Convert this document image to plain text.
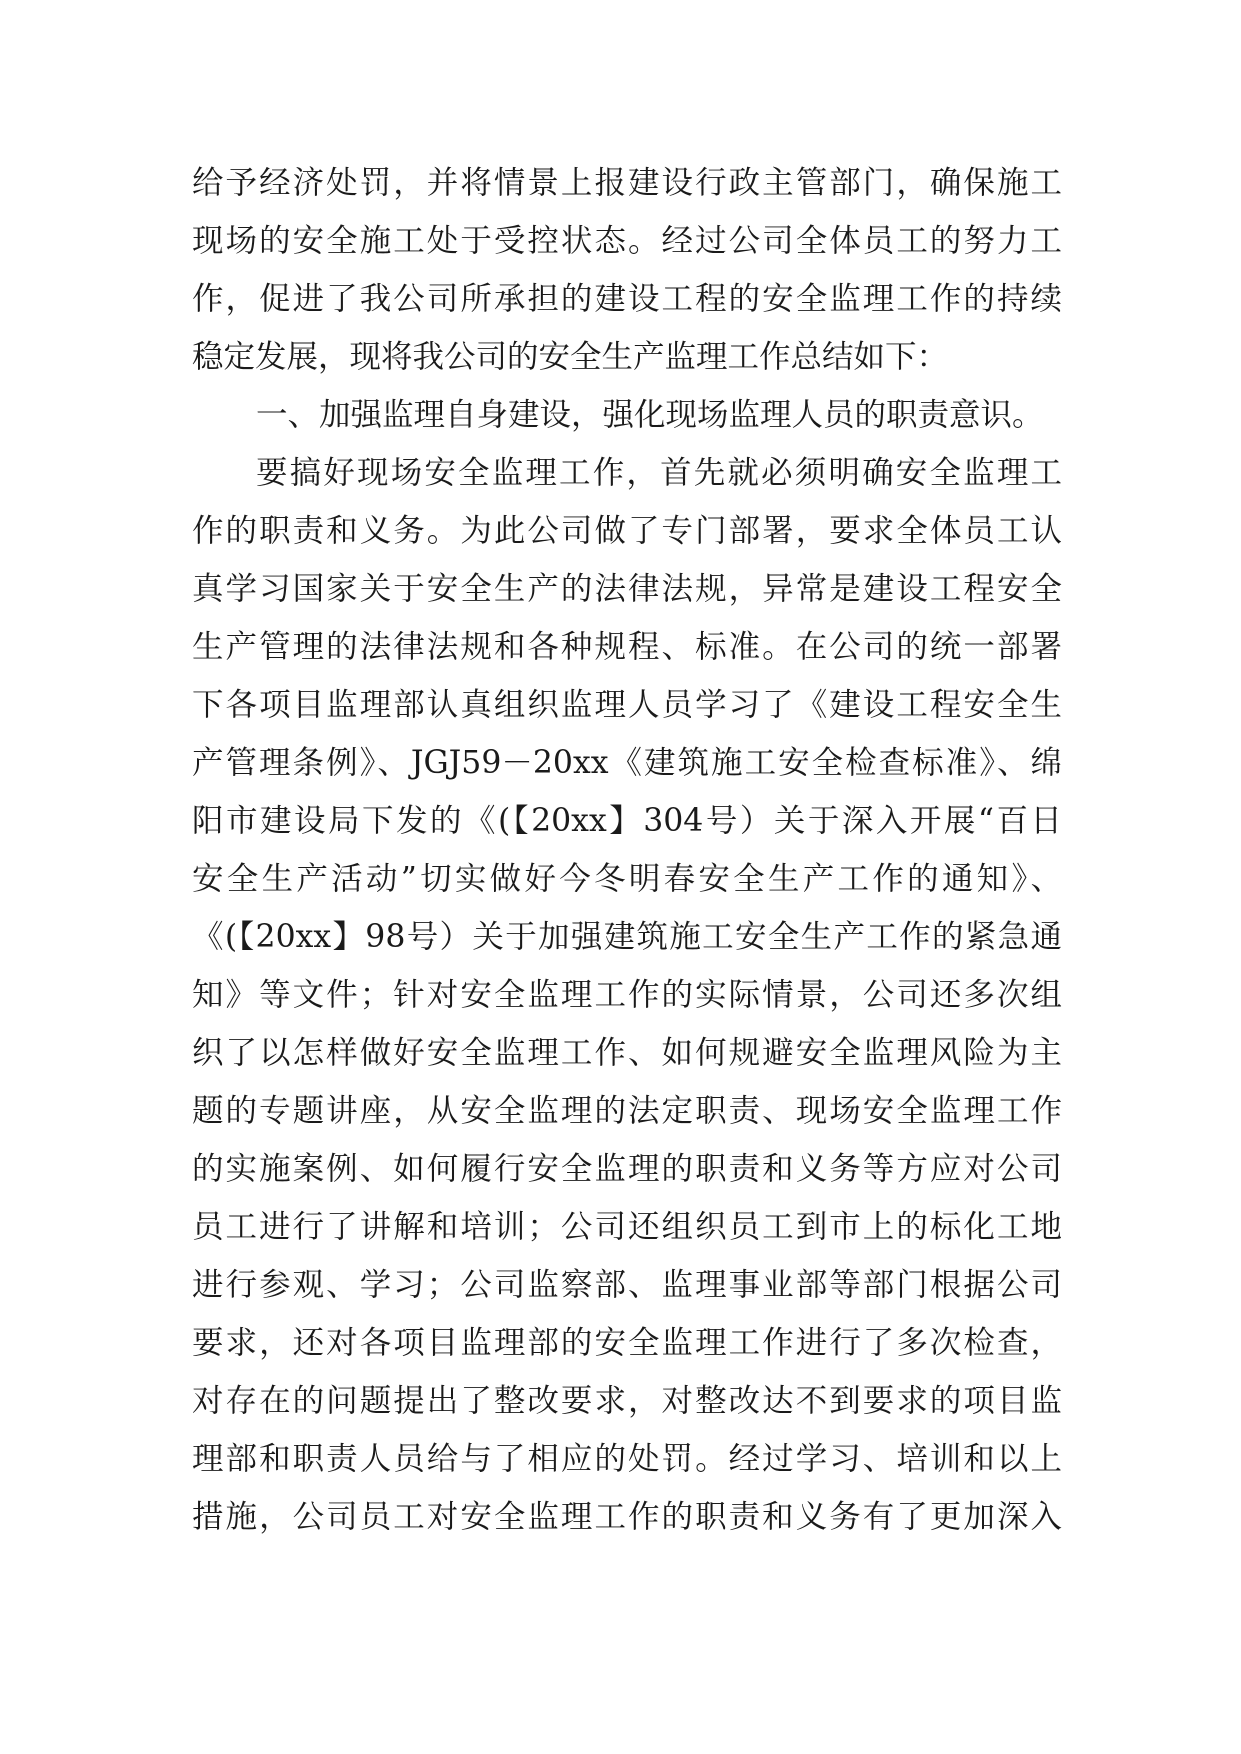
给予经济处罚，并将情景上报建设行政主管部门，确保施工
现场的安全施工处于受控状态。经过公司全体员工的努力工
作，促进了我公司所承担的建设工程的安全监理工作的持续
稳定发展，现将我公司的安全生产监理工作总结如下：
一、加强监理自身建设，强化现场监理人员的职责意识。
要搞好现场安全监理工作，首先就必须明确安全监理工
作的职责和义务。为此公司做了专门部署，要求全体员工认
真学习国家关于安全生产的法律法规，异常是建设工程安全
生产管理的法律法规和各种规程、标准。在公司的统一部署
下各项目监理部认真组织监理人员学习了《建设工程安全生
产管理条例》、JGJ59－20xx《建筑施工安全检查标准》、绵
阳市建设局下发的《(【20xx】304号）关于深入开展“百日
安全生产活动”切实做好今冬明春安全生产工作的通知》、
《(【20xx】98号）关于加强建筑施工安全生产工作的紧急通
知》等文件；针对安全监理工作的实际情景，公司还多次组
织了以怎样做好安全监理工作、如何规避安全监理风险为主
题的专题讲座，从安全监理的法定职责、现场安全监理工作
的实施案例、如何履行安全监理的职责和义务等方应对公司
员工进行了讲解和培训；公司还组织员工到市上的标化工地
进行参观、学习；公司监察部、监理事业部等部门根据公司
要求，还对各项目监理部的安全监理工作进行了多次检查，
对存在的问题提出了整改要求，对整改达不到要求的项目监
理部和职责人员给与了相应的处罚。经过学习、培训和以上
措施，公司员工对安全监理工作的职责和义务有了更加深入
